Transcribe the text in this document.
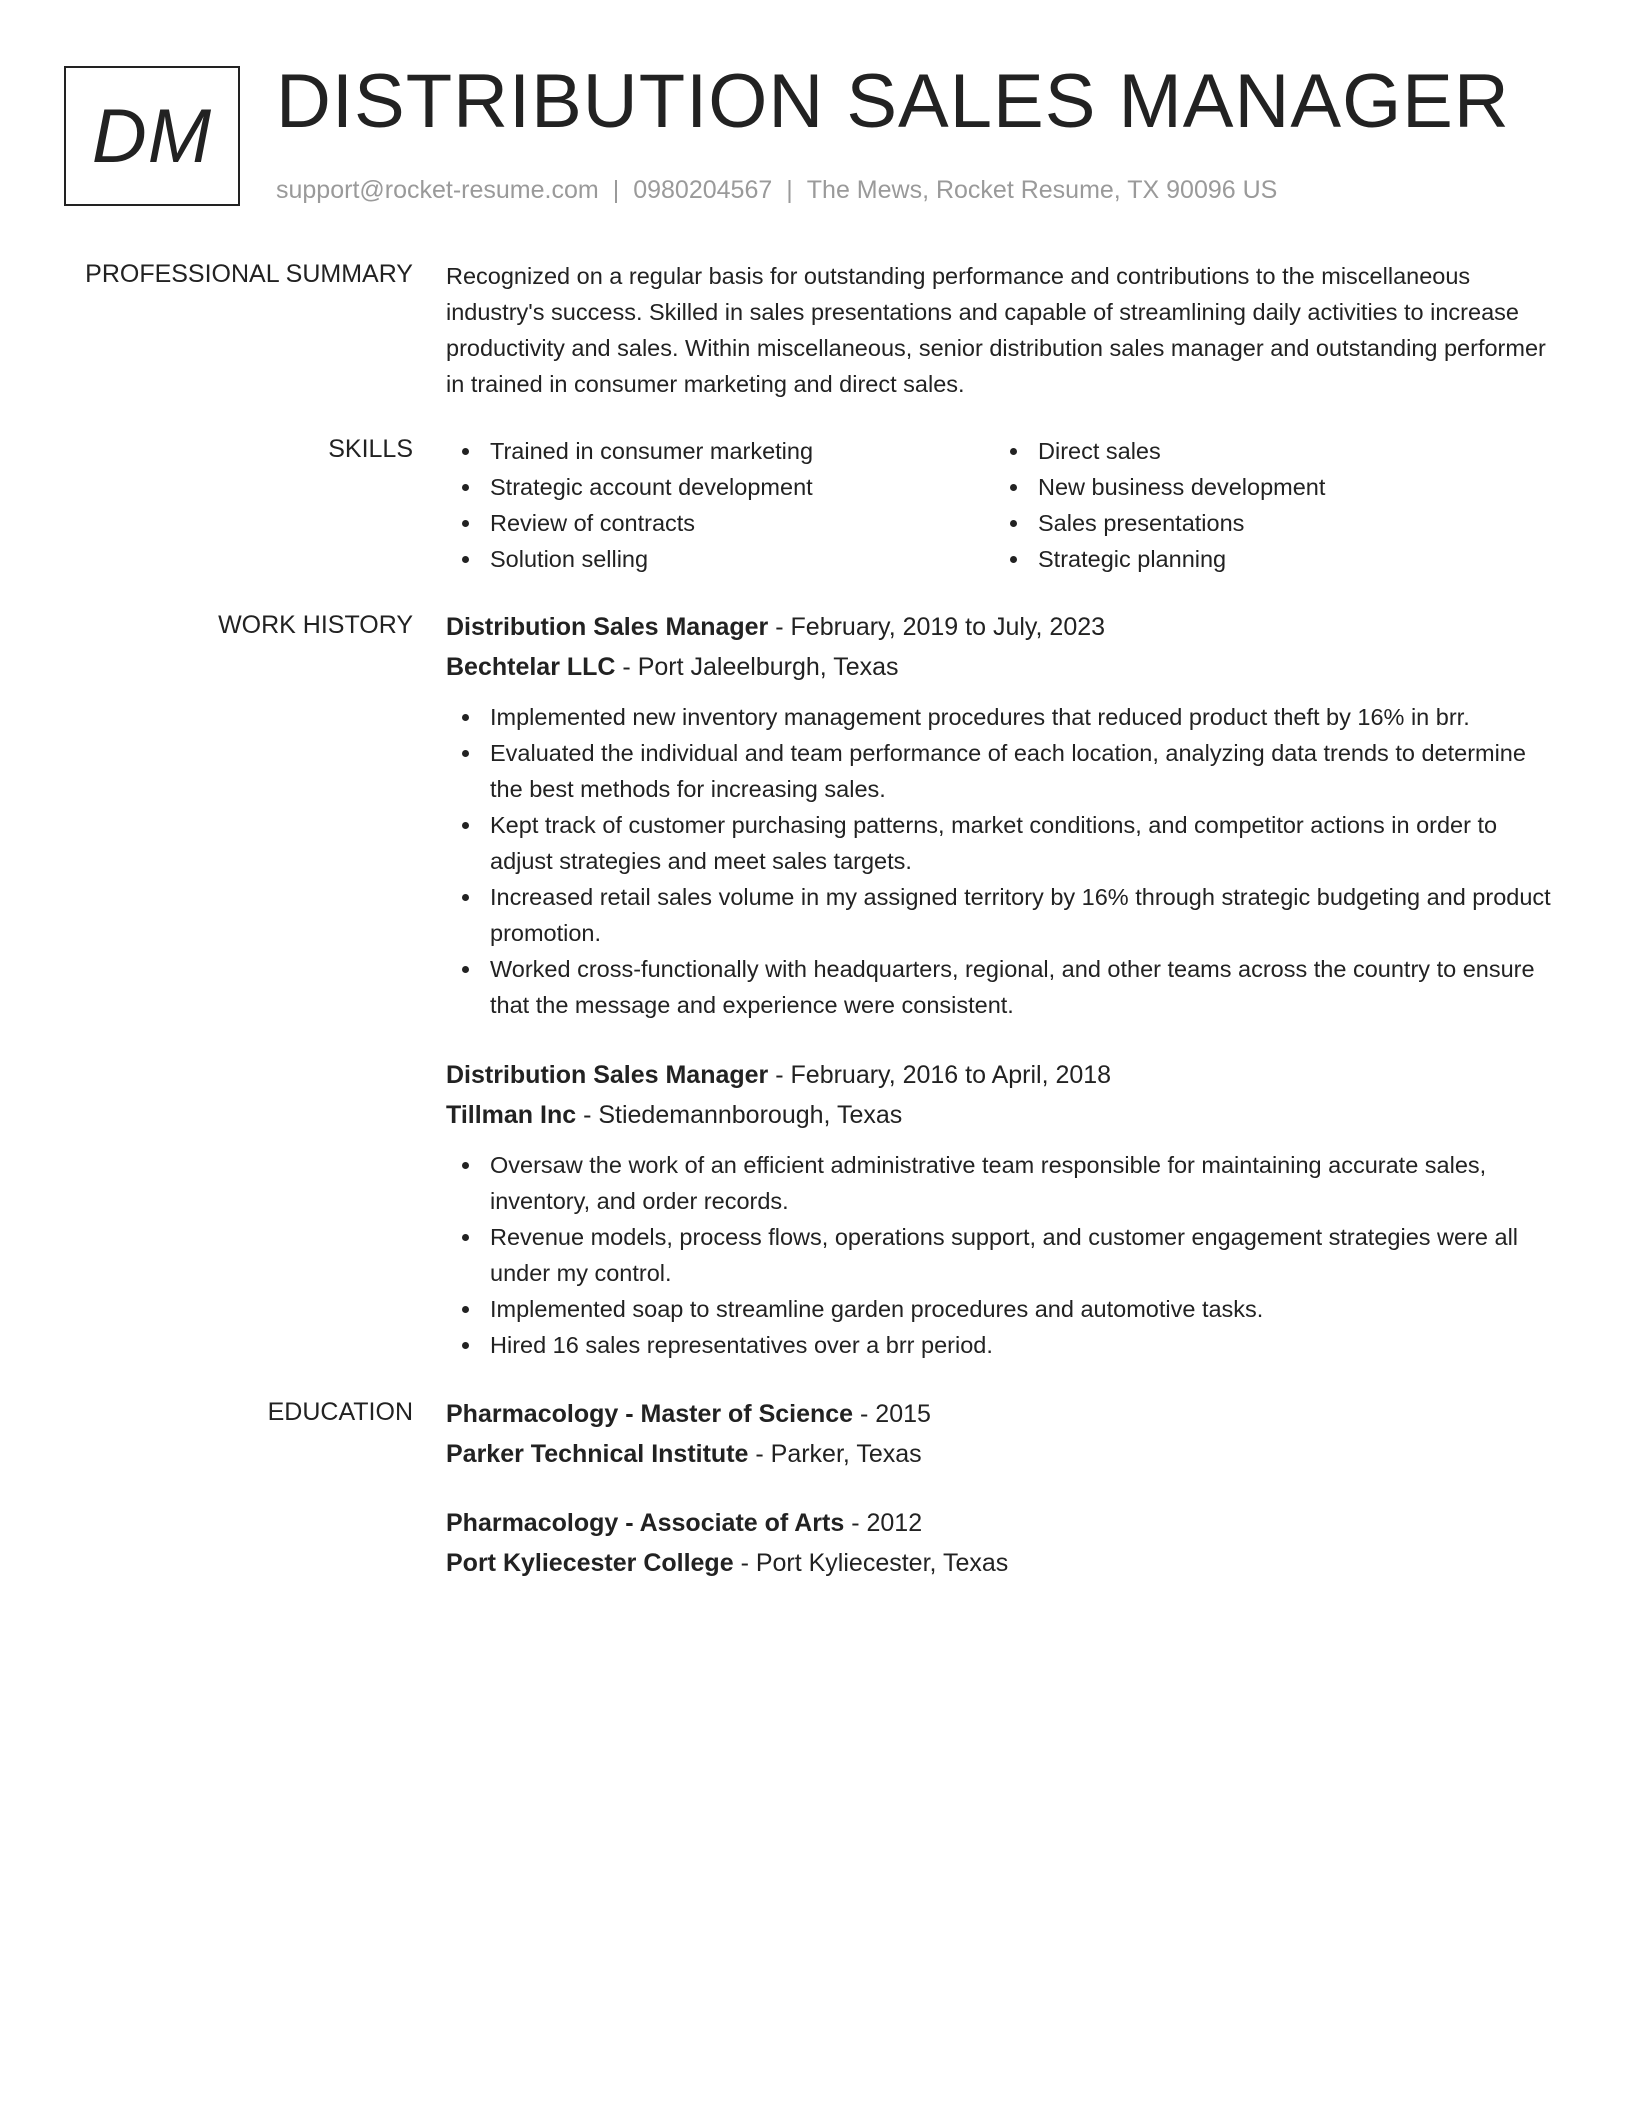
DM DISTRIBUTION SALES MANAGER
support@rocket-resume.com | 0980204567 | The Mews, Rocket Resume, TX 90096 US
PROFESSIONAL SUMMARY Recognized on a regular basis for outstanding performance and contributions to the miscellaneous industry's success. Skilled in sales presentations and capable of streamlining daily activities to increase productivity and sales. Within miscellaneous, senior distribution sales manager and outstanding performer in trained in consumer marketing and direct sales.

SKILLS	Trained in consumer marketing
Strategic account development
Review of contracts
Solution selling
Direct sales
New business development
Sales presentations
Strategic planning
WORK HISTORY Distribution Sales Manager - February, 2019 to July, 2023
Bechtelar LLC - Port Jaleelburgh, Texas
Implemented new inventory management procedures that reduced product theft by 16% in brr.
Evaluated the individual and team performance of each location, analyzing data trends to determine the best methods for increasing sales.
Kept track of customer purchasing patterns, market conditions, and competitor actions in order to adjust strategies and meet sales targets.
Increased retail sales volume in my assigned territory by 16% through strategic budgeting and product promotion.
Worked cross-functionally with headquarters, regional, and other teams across the country to ensure that the message and experience were consistent.
Distribution Sales Manager - February, 2016 to April, 2018
Tillman Inc - Stiedemannborough, Texas
Oversaw the work of an efficient administrative team responsible for maintaining accurate sales, inventory, and order records.
Revenue models, process flows, operations support, and customer engagement strategies were all under my control.
Implemented soap to streamline garden procedures and automotive tasks.
Hired 16 sales representatives over a brr period.
EDUCATION Pharmacology - Master of Science - 2015
Parker Technical Institute - Parker, Texas
Pharmacology - Associate of Arts - 2012
Port Kyliecester College - Port Kyliecester, Texas
